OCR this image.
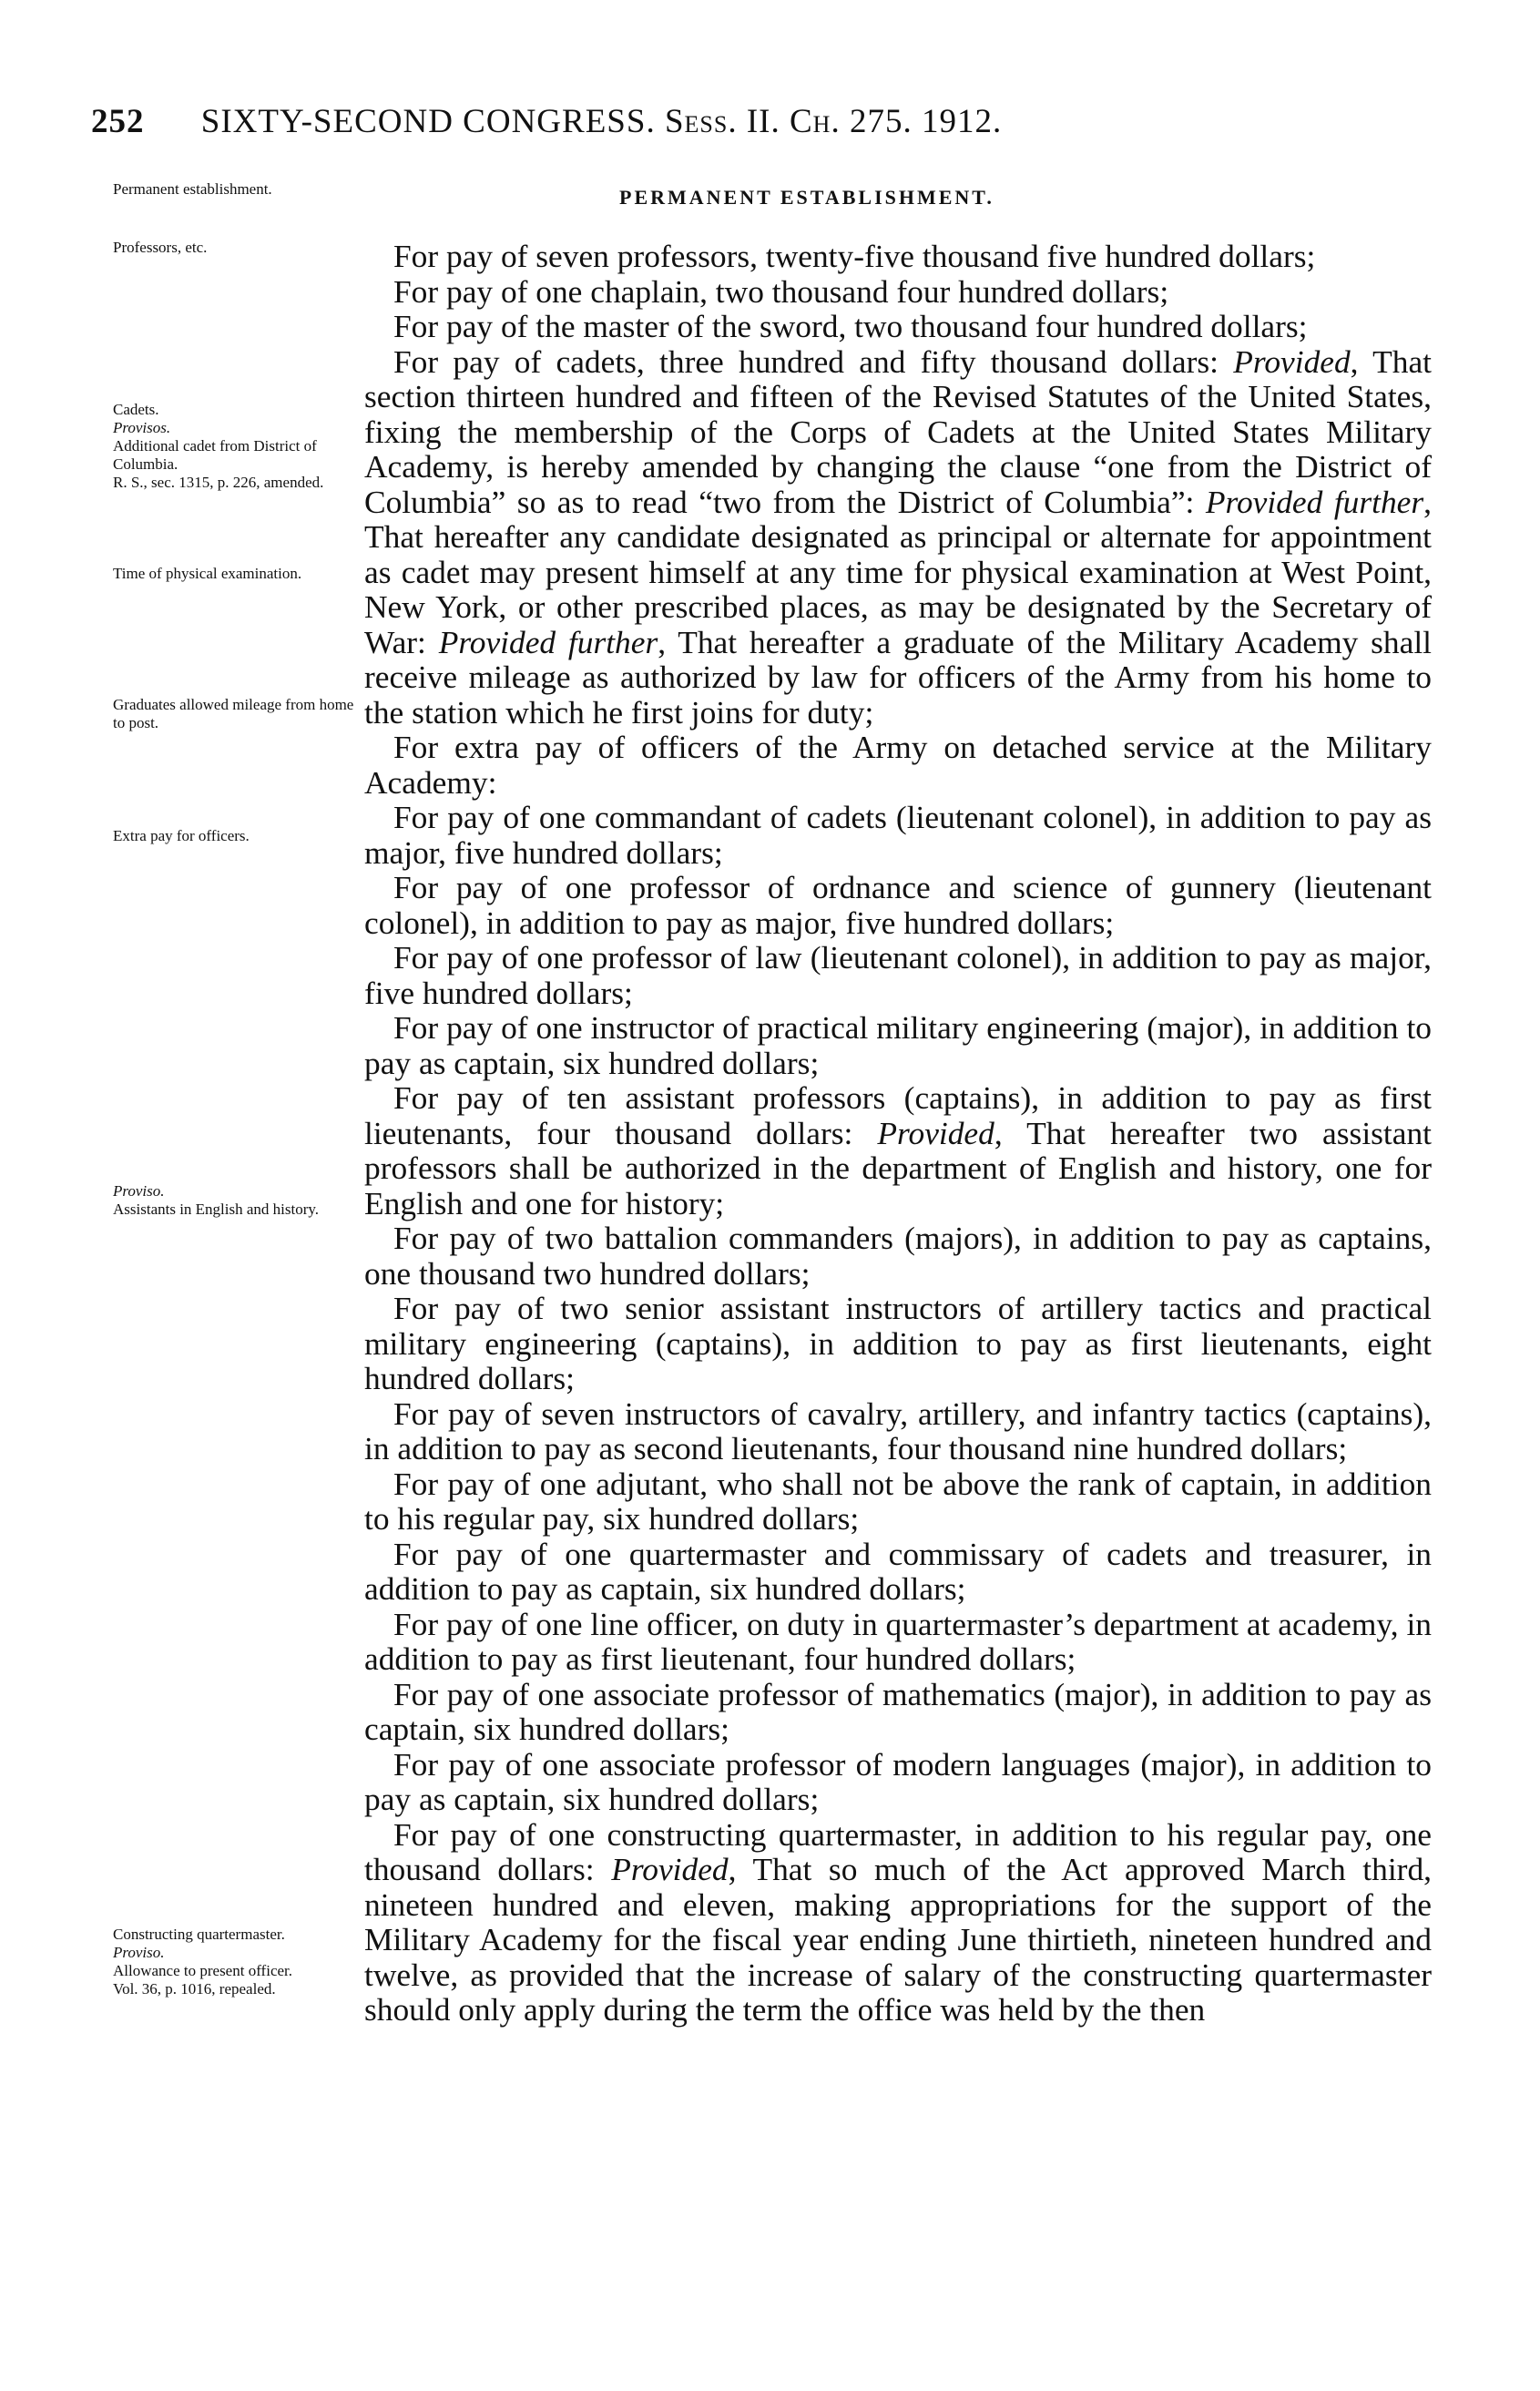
252 SIXTY-SECOND CONGRESS. Sess. II. Ch. 275. 1912.
PERMANENT ESTABLISHMENT.
Permanent establishment.
Professors, etc.
Cadets.
Provisos.
Additional cadet from District of Columbia.
R. S., sec. 1315, p. 226, amended.
Time of physical examination.
Graduates allowed mileage from home to post.
Extra pay for officers.
Proviso.
Assistants in English and history.
Constructing quartermaster.
Proviso.
Allowance to present officer.
Vol. 36, p. 1016, repealed.

For pay of seven professors, twenty-five thousand five hundred dollars;

For pay of one chaplain, two thousand four hundred dollars;

For pay of the master of the sword, two thousand four hundred dollars;

For pay of cadets, three hundred and fifty thousand dollars: Provided, That section thirteen hundred and fifteen of the Revised Statutes of the United States, fixing the membership of the Corps of Cadets at the United States Military Academy, is hereby amended by changing the clause “one from the District of Columbia” so as to read “two from the District of Columbia”: Provided further, That hereafter any candidate designated as principal or alternate for appointment as cadet may present himself at any time for physical examination at West Point, New York, or other prescribed places, as may be designated by the Secretary of War: Provided further, That hereafter a graduate of the Military Academy shall receive mileage as authorized by law for officers of the Army from his home to the station which he first joins for duty;

For extra pay of officers of the Army on detached service at the Military Academy:

For pay of one commandant of cadets (lieutenant colonel), in addition to pay as major, five hundred dollars;

For pay of one professor of ordnance and science of gunnery (lieutenant colonel), in addition to pay as major, five hundred dollars;

For pay of one professor of law (lieutenant colonel), in addition to pay as major, five hundred dollars;

For pay of one instructor of practical military engineering (major), in addition to pay as captain, six hundred dollars;

For pay of ten assistant professors (captains), in addition to pay as first lieutenants, four thousand dollars: Provided, That hereafter two assistant professors shall be authorized in the department of English and history, one for English and one for history;

For pay of two battalion commanders (majors), in addition to pay as captains, one thousand two hundred dollars;

For pay of two senior assistant instructors of artillery tactics and practical military engineering (captains), in addition to pay as first lieutenants, eight hundred dollars;

For pay of seven instructors of cavalry, artillery, and infantry tactics (captains), in addition to pay as second lieutenants, four thousand nine hundred dollars;

For pay of one adjutant, who shall not be above the rank of captain, in addition to his regular pay, six hundred dollars;

For pay of one quartermaster and commissary of cadets and treasurer, in addition to pay as captain, six hundred dollars;

For pay of one line officer, on duty in quartermaster’s department at academy, in addition to pay as first lieutenant, four hundred dollars;

For pay of one associate professor of mathematics (major), in addition to pay as captain, six hundred dollars;

For pay of one associate professor of modern languages (major), in addition to pay as captain, six hundred dollars;

For pay of one constructing quartermaster, in addition to his regular pay, one thousand dollars: Provided, That so much of the Act approved March third, nineteen hundred and eleven, making appropriations for the support of the Military Academy for the fiscal year ending June thirtieth, nineteen hundred and twelve, as provided that the increase of salary of the constructing quartermaster should only apply during the term the office was held by the then
